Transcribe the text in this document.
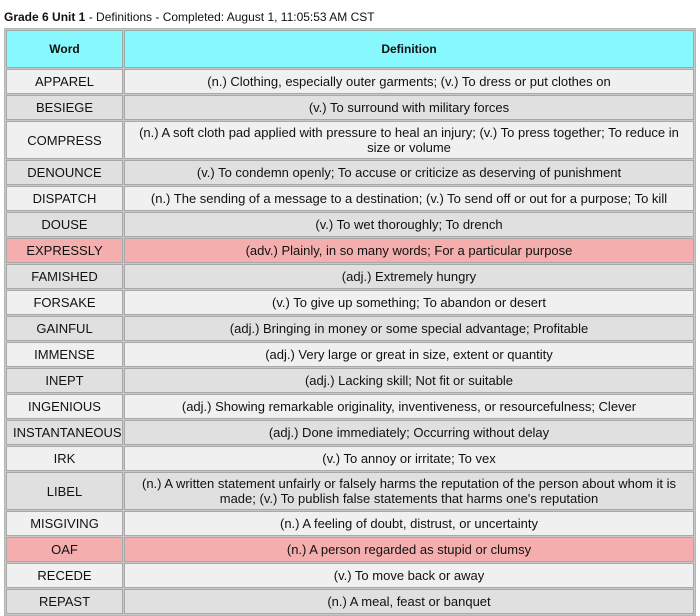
Grade 6 Unit 1 - Definitions - Completed: August 1, 11:05:53 AM CST
Word	Definition
APPAREL	(n.) Clothing, especially outer garments; (v.) To dress or put clothes on
BESIEGE	(v.) To surround with military forces
COMPRESS	(n.) A soft cloth pad applied with pressure to heal an injury; (v.) To press together; To reduce in size or volume
DENOUNCE	(v.) To condemn openly; To accuse or criticize as deserving of punishment
DISPATCH	(n.) The sending of a message to a destination; (v.) To send off or out for a purpose; To kill
DOUSE	(v.) To wet thoroughly; To drench
EXPRESSLY	(adv.) Plainly, in so many words; For a particular purpose
FAMISHED	(adj.) Extremely hungry
FORSAKE	(v.) To give up something; To abandon or desert
GAINFUL	(adj.) Bringing in money or some special advantage; Profitable
IMMENSE	(adj.) Very large or great in size, extent or quantity
INEPT	(adj.) Lacking skill; Not fit or suitable
INGENIOUS	(adj.) Showing remarkable originality, inventiveness, or resourcefulness; Clever
INSTANTANEOUS	(adj.) Done immediately; Occurring without delay
IRK	(v.) To annoy or irritate; To vex
LIBEL	(n.) A written statement unfairly or falsely harms the reputation of the person about whom it is made; (v.) To publish false statements that harms one's reputation
MISGIVING	(n.) A feeling of doubt, distrust, or uncertainty
OAF	(n.) A person regarded as stupid or clumsy
RECEDE	(v.) To move back or away
REPAST	(n.) A meal, feast or banquet
